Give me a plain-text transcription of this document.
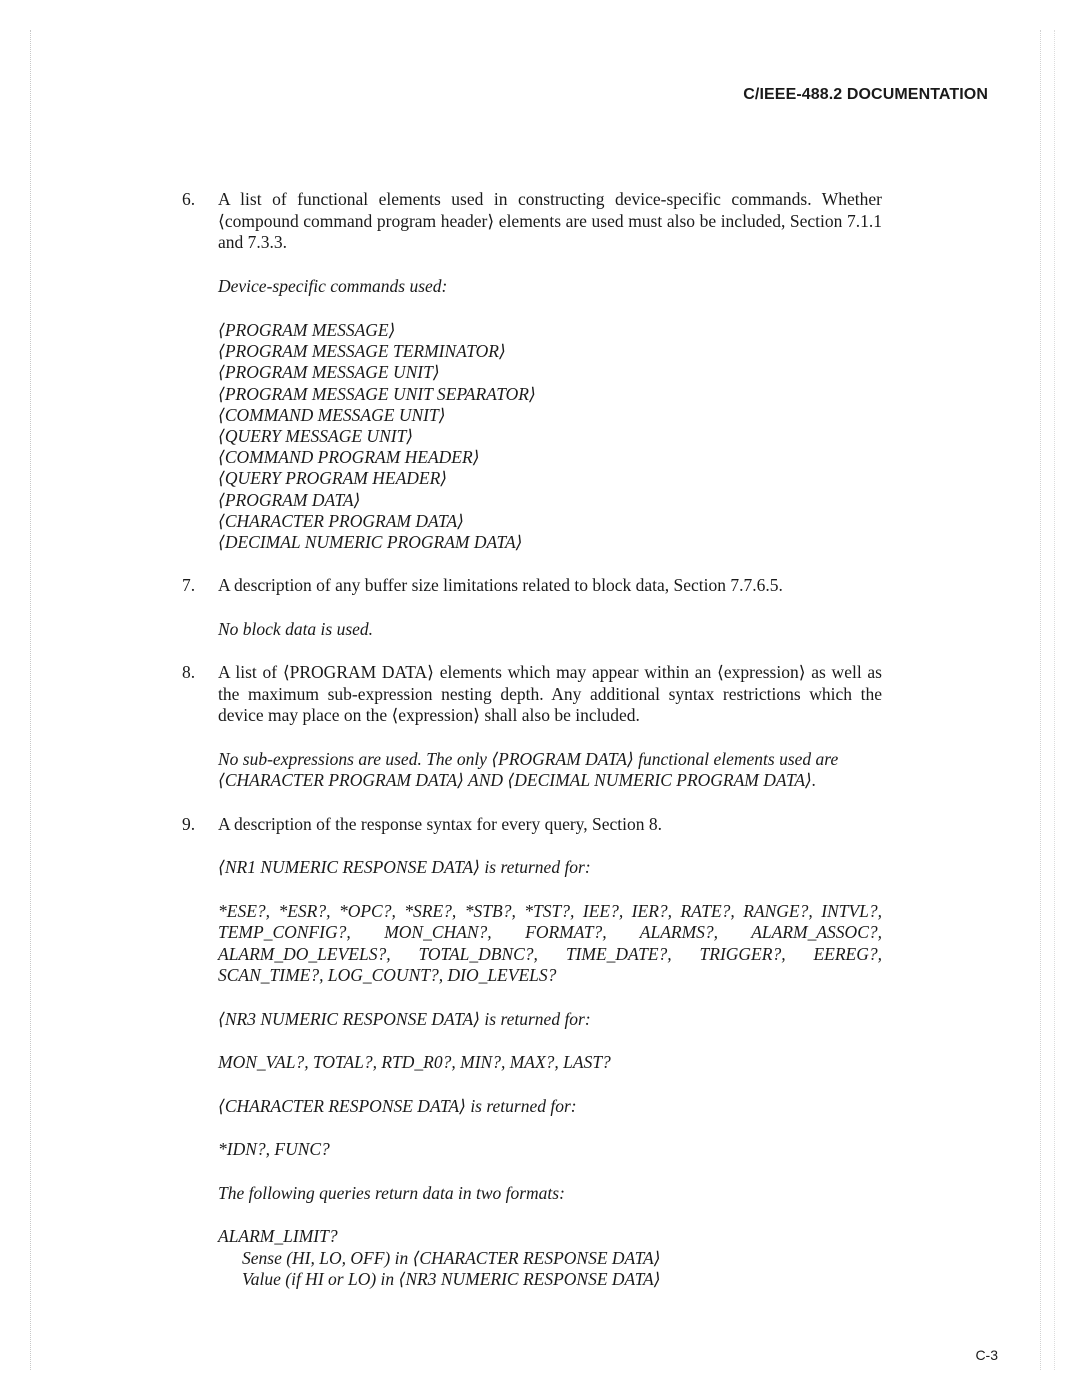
C/IEEE-488.2 DOCUMENTATION
6. A list of functional elements used in constructing device-specific commands. Whether ⟨compound command program header⟩ elements are used must also be included, Section 7.1.1 and 7.3.3.

Device-specific commands used:

⟨PROGRAM MESSAGE⟩
⟨PROGRAM MESSAGE TERMINATOR⟩
⟨PROGRAM MESSAGE UNIT⟩
⟨PROGRAM MESSAGE UNIT SEPARATOR⟩
⟨COMMAND MESSAGE UNIT⟩
⟨QUERY MESSAGE UNIT⟩
⟨COMMAND PROGRAM HEADER⟩
⟨QUERY PROGRAM HEADER⟩
⟨PROGRAM DATA⟩
⟨CHARACTER PROGRAM DATA⟩
⟨DECIMAL NUMERIC PROGRAM DATA⟩
7. A description of any buffer size limitations related to block data, Section 7.7.6.5.

No block data is used.

8. A list of ⟨PROGRAM DATA⟩ elements which may appear within an ⟨expression⟩ as well as the maximum sub-expression nesting depth. Any additional syntax restrictions which the device may place on the ⟨expression⟩ shall also be included.

No sub-expressions are used. The only ⟨PROGRAM DATA⟩ functional elements used are ⟨CHARACTER PROGRAM DATA⟩ AND ⟨DECIMAL NUMERIC PROGRAM DATA⟩.

9. A description of the response syntax for every query, Section 8.

⟨NR1 NUMERIC RESPONSE DATA⟩ is returned for:

*ESE?, *ESR?, *OPC?, *SRE?, *STB?, *TST?, IEE?, IER?, RATE?, RANGE?, INTVL?, TEMP_CONFIG?, MON_CHAN?, FORMAT?, ALARMS?, ALARM_ASSOC?, ALARM_DO_LEVELS?, TOTAL_DBNC?, TIME_DATE?, TRIGGER?, EEREG?, SCAN_TIME?, LOG_COUNT?, DIO_LEVELS?

⟨NR3 NUMERIC RESPONSE DATA⟩ is returned for:

MON_VAL?, TOTAL?, RTD_R0?, MIN?, MAX?, LAST?

⟨CHARACTER RESPONSE DATA⟩ is returned for:

*IDN?, FUNC?

The following queries return data in two formats:

ALARM_LIMIT?

Sense (HI, LO, OFF) in ⟨CHARACTER RESPONSE DATA⟩

Value (if HI or LO) in ⟨NR3 NUMERIC RESPONSE DATA⟩

C-3
